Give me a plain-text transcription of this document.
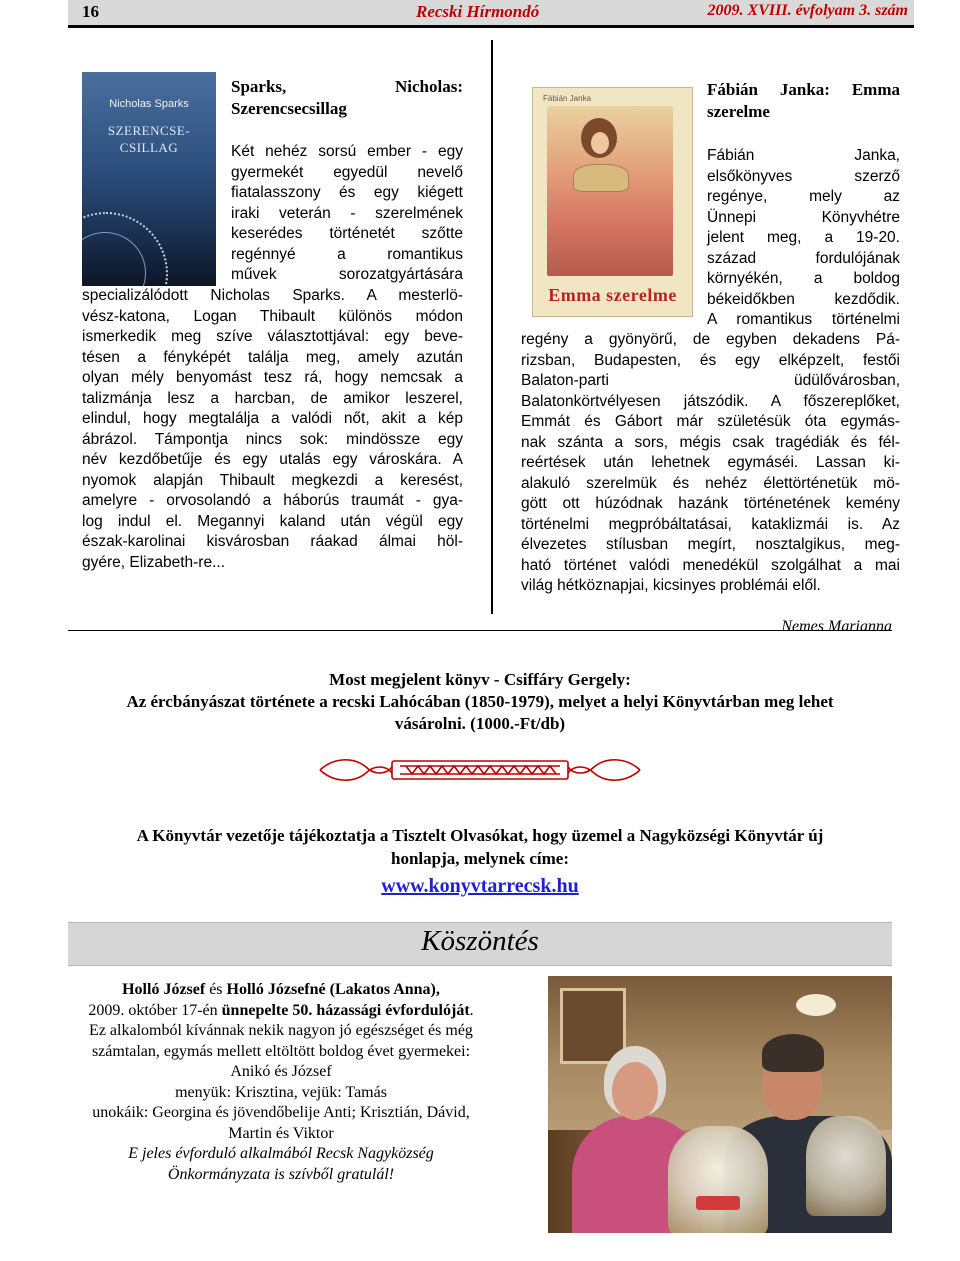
16	Recski Hírmondó	2009. XVIII. évfolyam 3. szám
Nicholas Sparks
SZERENCSE-
CSILLAG
Sparks,	Nicholas:
Szerencsecsillag
Két nehéz sorsú ember - egy
gyermekét egyedül nevelő
fiatalasszony és egy kiégett
iraki veterán - szerelmének
keserédes történetét szőtte
regénnyé a romantikus
művek sorozatgyártására
specializálódott Nicholas Sparks. A mesterlö-
vész-katona, Logan Thibault különös módon
ismerkedik meg szíve választottjával: egy beve-
tésen a fényképét találja meg, amely azután
olyan mély benyomást tesz rá, hogy nemcsak a
talizmánja lesz a harcban, de amikor leszerel,
elindul, hogy megtalálja a valódi nőt, akit a kép
ábrázol. Támpontja nincs sok: mindössze egy
név kezdőbetűje és egy utalás egy városkára. A
nyomok alapján Thibault megkezdi a keresést,
amelyre - orvosolandó a háborús traumát - gya-
log indul el. Megannyi kaland után végül egy
észak-karolinai kisvárosban ráakad álmai höl-
gyére, Elizabeth-re...
Fábián Janka
Emma szerelme
Fábián Janka: Emma
szerelme
Fábián Janka,
elsőkönyves szerző
regénye, mely az
Ünnepi Könyvhétre
jelent meg, a 19-20.
század fordulójának
környékén, a boldog
békeidőkben kezdődik.
A romantikus történelmi
regény a gyönyörű, de egyben dekadens Pá-
rizsban, Budapesten, és egy elképzelt, festői
Balaton-parti üdülővárosban,
Balatonkörtvélyesen játszódik. A főszereplőket,
Emmát és Gábort már születésük óta egymás-
nak szánta a sors, mégis csak tragédiák és fél-
reértések után lehetnek egymáséi. Lassan ki-
alakuló szerelmük és nehéz élettörténetük mö-
gött ott húzódnak hazánk történetének kemény
történelmi megpróbáltatásai, kataklizmái is. Az
élvezetes stílusban megírt, nosztalgikus, meg-
ható történet valódi menedékül szolgálhat a mai
világ hétköznapjai, kicsinyes problémái elől.
Nemes Marianna
Most megjelent könyv - Csiffáry Gergely:
Az ércbányászat története a recski Lahócában (1850-1979), melyet a helyi Könyvtárban meg lehet
vásárolni. (1000.-Ft/db)
A Könyvtár vezetője tájékoztatja a Tisztelt Olvasókat, hogy üzemel a Nagyközségi Könyvtár új
honlapja, melynek címe:
www.konyvtarrecsk.hu
Köszöntés
Holló József és Holló Józsefné (Lakatos Anna),
2009. október 17-én ünnepelte 50. házassági évfordulóját.
Ez alkalomból kívánnak nekik nagyon jó egészséget és még
számtalan, egymás mellett eltöltött boldog évet gyermekei:
Anikó és József
menyük: Krisztina, vejük: Tamás
unokáik: Georgina és jövendőbelije Anti; Krisztián, Dávid,
Martin és Viktor
E jeles évforduló alkalmából Recsk Nagyközség
Önkormányzata is szívből gratulál!
